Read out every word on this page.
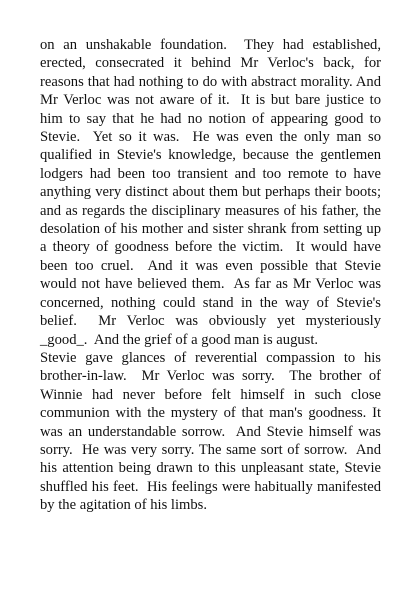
on an unshakable foundation.  They had established, erected, consecrated it behind Mr Verloc's back, for reasons that had nothing to do with abstract morality. And Mr Verloc was not aware of it.  It is but bare justice to him to say that he had no notion of appearing good to Stevie.  Yet so it was.  He was even the only man so qualified in Stevie's knowledge, because the gentlemen lodgers had been too transient and too remote to have anything very distinct about them but perhaps their boots; and as regards the disciplinary measures of his father, the desolation of his mother and sister shrank from setting up a theory of goodness before the victim.  It would have been too cruel.  And it was even possible that Stevie would not have believed them.  As far as Mr Verloc was concerned, nothing could stand in the way of Stevie's belief.  Mr Verloc was obviously yet mysteriously _good_.  And the grief of a good man is august.

Stevie gave glances of reverential compassion to his brother-in-law.  Mr Verloc was sorry.  The brother of Winnie had never before felt himself in such close communion with the mystery of that man's goodness. It was an understandable sorrow.  And Stevie himself was sorry.  He was very sorry. The same sort of sorrow.  And his attention being drawn to this unpleasant state, Stevie shuffled his feet.  His feelings were habitually manifested by the agitation of his limbs.
